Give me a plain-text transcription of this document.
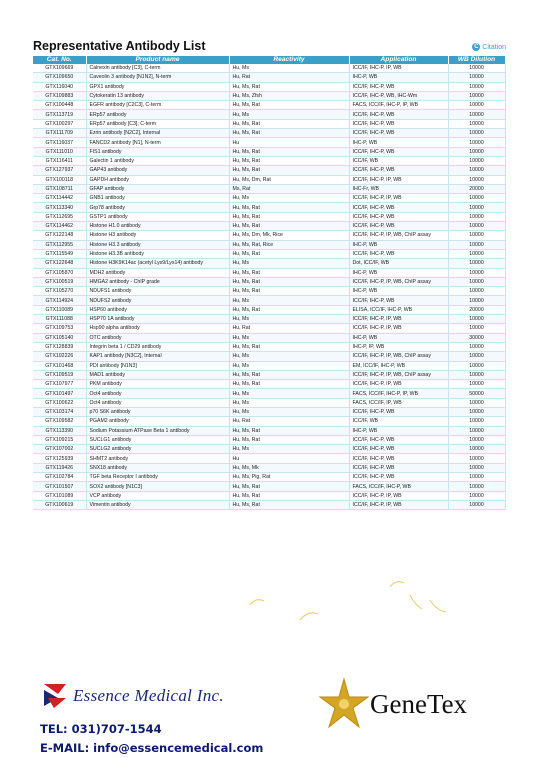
Representative Antibody List	C Citation
Cat. No.	Product name	Reactivity	Application	WB Dilution
GTX109669	Calnexin antibody [C3], C-term	Hu, Ms	ICC/IF, IHC-P, IP, WB	10000
GTX109650	Caveolin 3 antibody [N1N2], N-term	Hu, Rat	IHC-P, WB	10000
GTX116040	GPX1 antibody	Hu, Ms, Rat	ICC/IF, IHC-P, WB	10000
GTX109883	Cytokeratin 13 antibody	Hu, Ms, Zfsh	ICC/IF, IHC-P, WB, IHC-Wm	10000
GTX100448	EGFR antibody [C2C3], C-term	Hu, Ms, Rat	FACS, ICC/IF, IHC-P, IP, WB	10000
GTX113719	ERp57 antibody	Hu, Ms	ICC/IF, IHC-P, WB	10000
GTX100297	ERp57 antibody [C3], C-term	Hu, Ms, Rat	ICC/IF, IHC-P, WB	10000
GTX111709	Ezrin antibody [N2C2], Internal	Hu, Ms, Rat	ICC/IF, IHC-P, WB	10000
GTX116037	FANCD2 antibody [N1], N-term	Hu	IHC-P, WB	10000
GTX111010	FIS1 antibody	Hu, Ms, Rat	ICC/IF, IHC-P, WB	10000
GTX116411	Galectin 1 antibody	Hu, Ms, Rat	ICC/IF, WB	10000
GTX127937	GAP43 antibody	Hu, Ms, Rat	ICC/IF, IHC-P, WB	10000
GTX100118	GAPDH antibody	Hu, Ms, Dm, Rat	ICC/IF, IHC-P, IP, WB	10000
GTX108711	GFAP antibody	Ms, Rat	IHC-Fr, WB	20000
GTX114442	GNB1 antibody	Hu, Ms	ICC/IF, IHC-P, IP, WB	10000
GTX113340	Grp78 antibody	Hu, Ms, Rat	ICC/IF, IHC-P, WB	10000
GTX112695	GSTP1 antibody	Hu, Ms, Rat	ICC/IF, IHC-P, WB	10000
GTX114462	Histone H1.0 antibody	Hu, Ms, Rat	ICC/IF, IHC-P, WB	10000
GTX122148	Histone H3 antibody	Hu, Ms, Dm, Mk, Rice	ICC/IF, IHC-P, IP, WB, ChIP assay	10000
GTX112955	Histone H3.3 antibody	Hu, Ms, Rat, Rice	IHC-P, WB	10000
GTX115549	Histone H3.3B antibody	Hu, Ms, Rat	ICC/IF, IHC-P, WB	10000
GTX122648	Histone H3K9K14ac (acetyl Lys9/Lys14) antibody	Hu, Ms	Dot, ICC/IF, WB	10000
GTX105870	MDH2 antibody	Hu, Ms, Rat	IHC-P, WB	10000
GTX100519	HMGA2 antibody - ChIP grade	Hu, Ms, Rat	ICC/IF, IHC-P, IP, WB, ChIP assay	10000
GTX105270	NDUFS1 antibody	Hu, Ms, Rat	IHC-P, WB	10000
GTX114924	NDUFS2 antibody	Hu, Ms	ICC/IF, IHC-P, WB	10000
GTX110089	HSP60 antibody	Hu, Ms, Rat	ELISA, ICC/IF, IHC-P, WB	20000
GTX111088	HSP70 1A antibody	Hu, Ms	ICC/IF, IHC-P, IP, WB	10000
GTX109753	Hsp90 alpha antibody	Hu, Rat	ICC/IF, IHC-P, IP, WB	10000
GTX105140	OTC antibody	Hu, Ms	IHC-P, WB	30000
GTX128839	Integrin beta 1 / CD29 antibody	Hu, Ms, Rat	IHC-P, IP, WB	10000
GTX102226	KAP1 antibody [N3C2], Internal	Hu, Ms	ICC/IF, IHC-P, IP, WB, ChIP assay	10000
GTX101468	PDI antibody [N1N3]	Hu, Ms	EM, ICC/IF, IHC-P, WB	10000
GTX109519	MAD1 antibody	Hu, Ms, Rat	ICC/IF, IHC-P, IP, WB, ChIP assay	10000
GTX107977	PKM antibody	Hu, Ms, Rat	ICC/IF, IHC-P, IP, WB	10000
GTX101497	Oct4 antibody	Hu, Ms	FACS, ICC/IF, IHC-P, IP, WB	50000
GTX100622	Oct4 antibody	Hu, Ms	FACS, ICC/IF, IP, WB	10000
GTX103174	p70 S6K antibody	Hu, Ms	ICC/IF, IHC-P, WB	10000
GTX109582	PGAM2 antibody	Hu, Rat	ICC/IF, WB	10000
GTX113390	Sodium Potassium ATPase Beta 1 antibody	Hu, Ms, Rat	IHC-P, WB	10000
GTX109215	SUCLG1 antibody	Hu, Ms, Rat	ICC/IF, IHC-P, WB	10000
GTX107002	SUCLG2 antibody	Hu, Ms	ICC/IF, IHC-P, WB	10000
GTX125939	SHMT2 antibody	Hu	ICC/IF, IHC-P, WB	10000
GTX119426	SNX18 antibody	Hu, Ms, Mk	ICC/IF, IHC-P, WB	10000
GTX102784	TGF beta Receptor I antibody	Hu, Ms, Pig, Rat	ICC/IF, IHC-P, WB	10000
GTX101507	SOX2 antibody [N1C3]	Hu, Ms, Rat	FACS, ICC/IF, IHC-P, WB	10000
GTX101089	VCP antibody	Hu, Ms, Rat	ICC/IF, IHC-P, IP, WB	10000
GTX100619	Vimentin antibody	Hu, Ms, Rat	ICC/IF, IHC-P, IP, WB	10000
Essence Medical Inc.
TEL: 031)707-1544
E-MAIL: info@essencemedical.com
GeneTex
